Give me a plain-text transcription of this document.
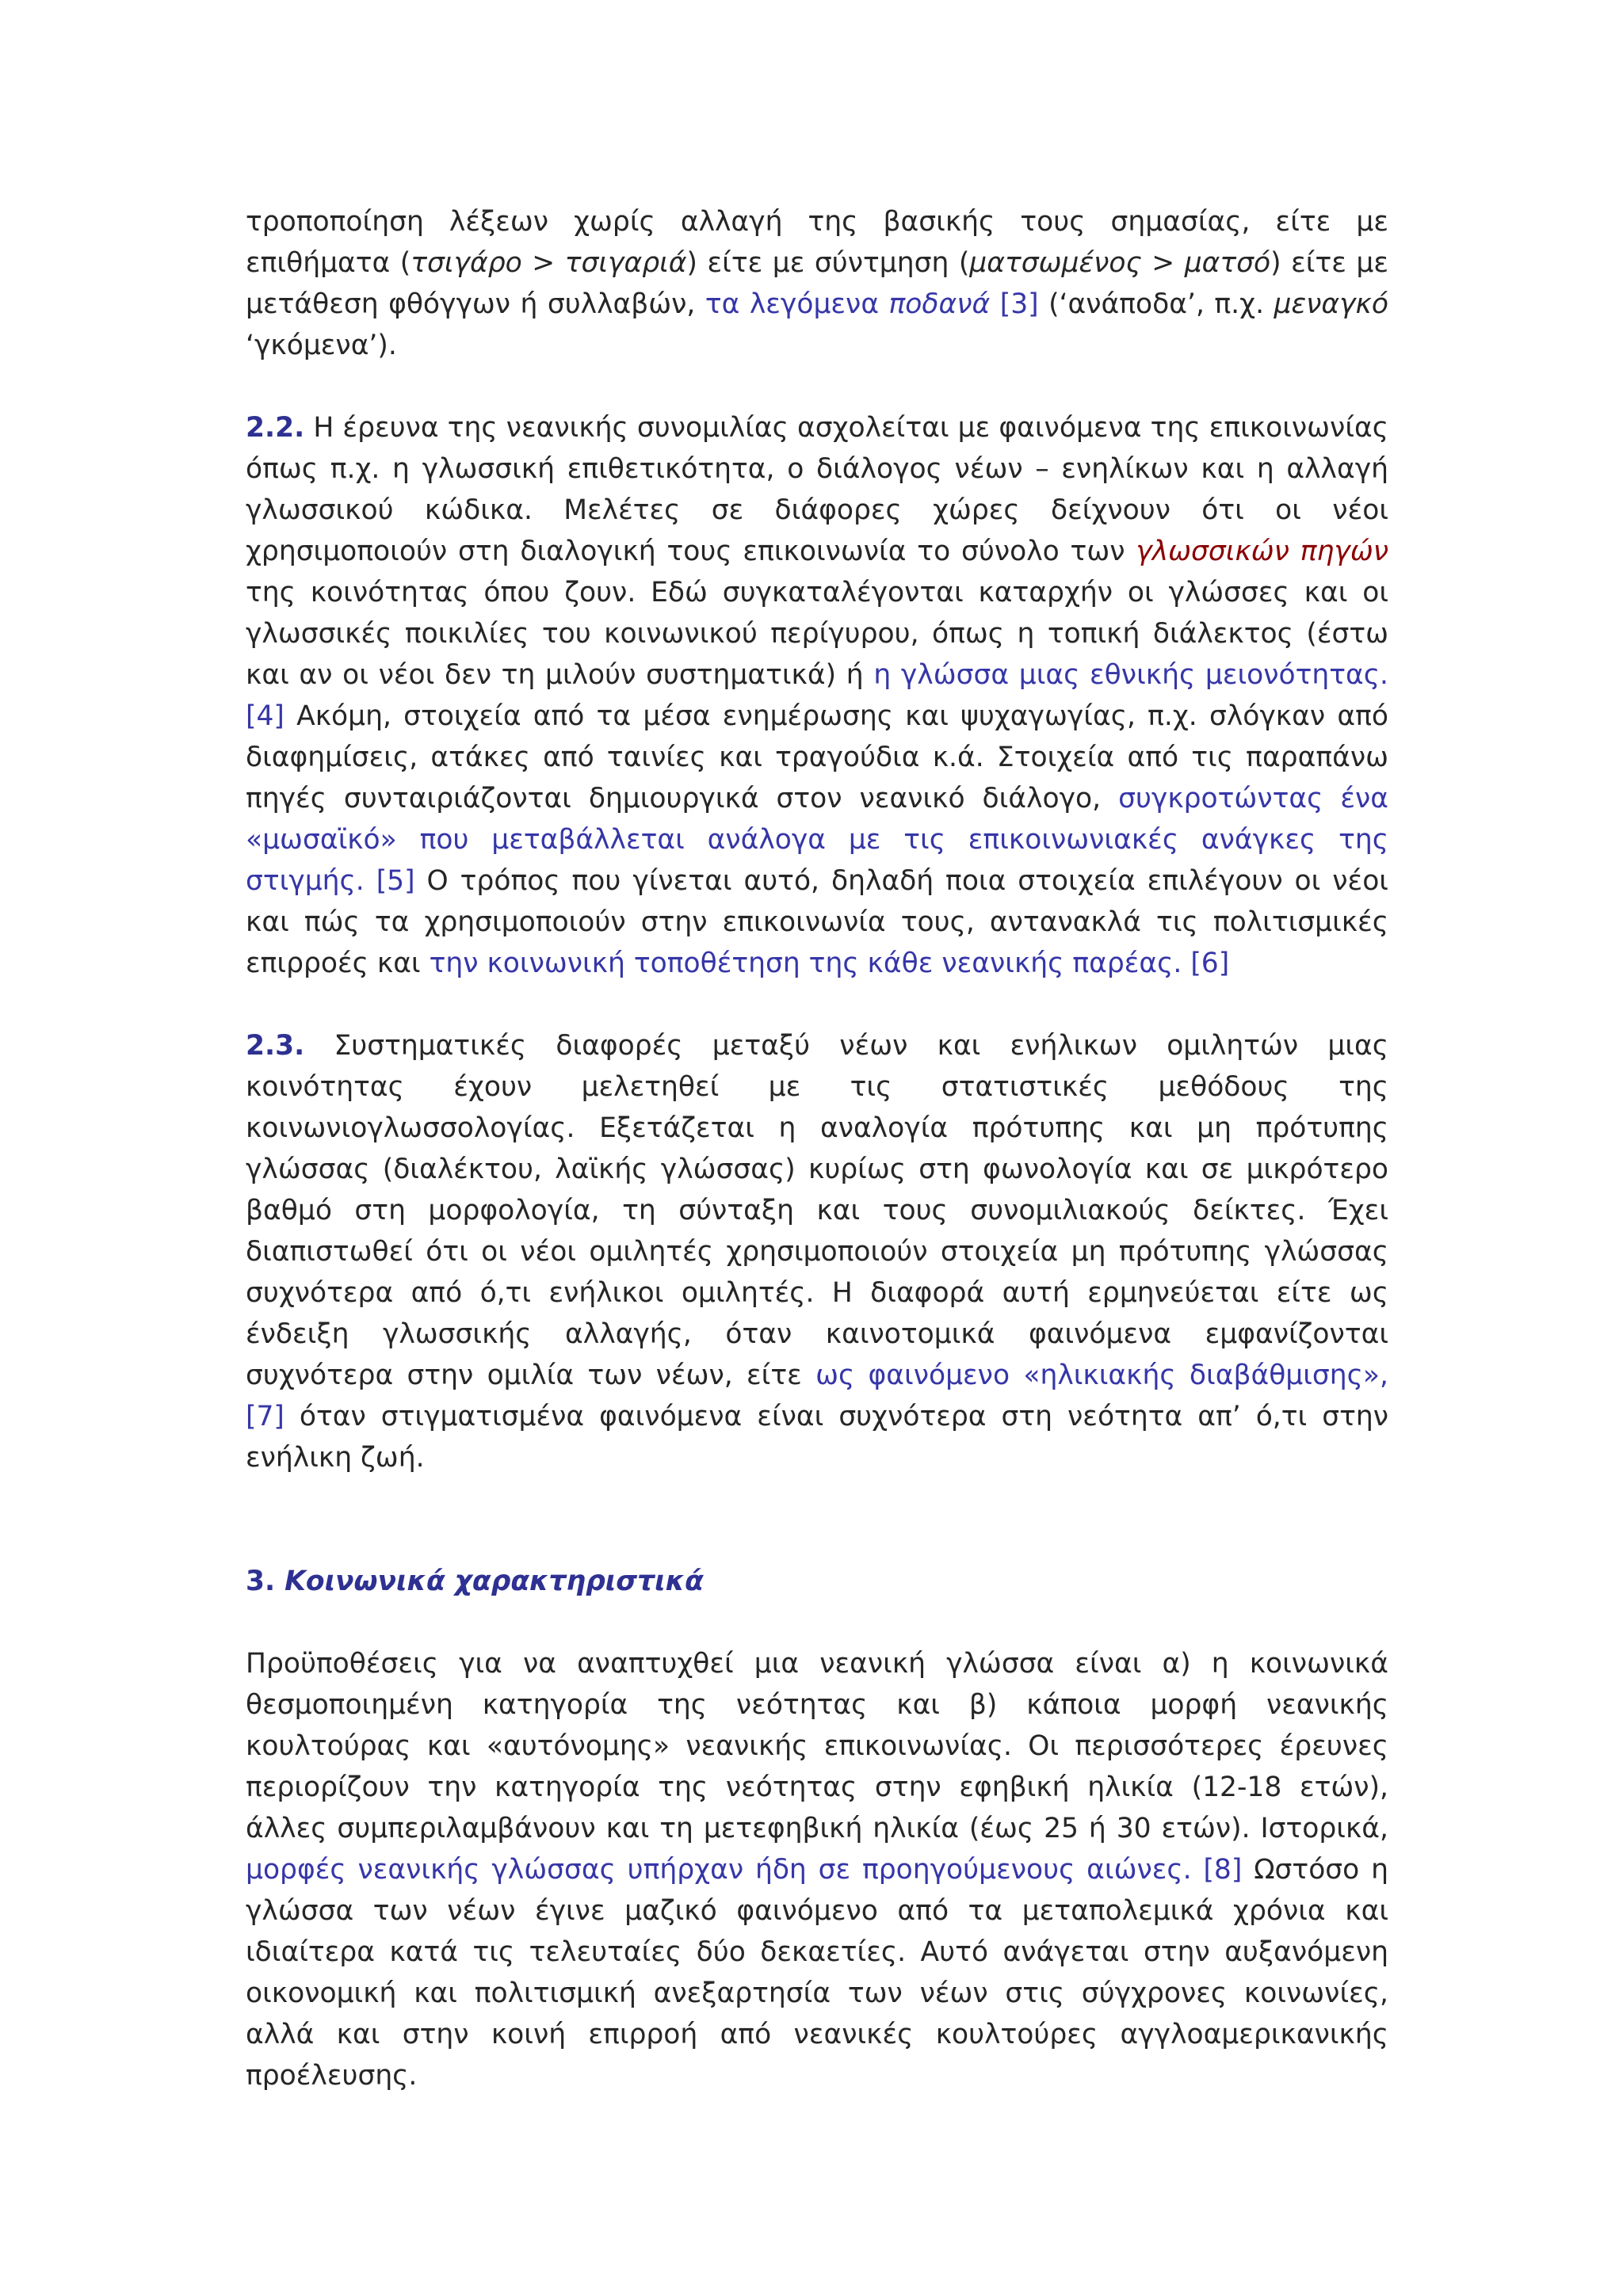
τροποποίηση λέξεων χωρίς αλλαγή της βασικής τους σημασίας, είτε με επιθήματα (τσιγάρο > τσιγαριά) είτε με σύντμηση (ματσωμένος > ματσό) είτε με μετάθεση φθόγγων ή συλλαβών, τα λεγόμενα ποδανά [3] (‘ανάποδα’, π.χ. μεναγκό ‘γκόμενα’).

2.2. Η έρευνα της νεανικής συνομιλίας ασχολείται με φαινόμενα της επικοινωνίας όπως π.χ. η γλωσσική επιθετικότητα, ο διάλογος νέων – ενηλίκων και η αλλαγή γλωσσικού κώδικα. Μελέτες σε διάφορες χώρες δείχνουν ότι οι νέοι χρησιμοποιούν στη διαλογική τους επικοινωνία το σύνολο των γλωσσικών πηγών της κοινότητας όπου ζουν. Εδώ συγκαταλέγονται καταρχήν οι γλώσσες και οι γλωσσικές ποικιλίες του κοινωνικού περίγυρου, όπως η τοπική διάλεκτος (έστω και αν οι νέοι δεν τη μιλούν συστηματικά) ή η γλώσσα μιας εθνικής μειονότητας. [4] Ακόμη, στοιχεία από τα μέσα ενημέρωσης και ψυχαγωγίας, π.χ. σλόγκαν από διαφημίσεις, ατάκες από ταινίες και τραγούδια κ.ά. Στοιχεία από τις παραπάνω πηγές συνταιριάζονται δημιουργικά στον νεανικό διάλογο, συγκροτώντας ένα «μωσαϊκό» που μεταβάλλεται ανάλογα με τις επικοινωνιακές ανάγκες της στιγμής. [5] Ο τρόπος που γίνεται αυτό, δηλαδή ποια στοιχεία επιλέγουν οι νέοι και πώς τα χρησιμοποιούν στην επικοινωνία τους, αντανακλά τις πολιτισμικές επιρροές και την κοινωνική τοποθέτηση της κάθε νεανικής παρέας. [6]

2.3. Συστηματικές διαφορές μεταξύ νέων και ενήλικων ομιλητών μιας κοινότητας έχουν μελετηθεί με τις στατιστικές μεθόδους της κοινωνιογλωσσολογίας. Εξετάζεται η αναλογία πρότυπης και μη πρότυπης γλώσσας (διαλέκτου, λαϊκής γλώσσας) κυρίως στη φωνολογία και σε μικρότερο βαθμό στη μορφολογία, τη σύνταξη και τους συνομιλιακούς δείκτες. Έχει διαπιστωθεί ότι οι νέοι ομιλητές χρησιμοποιούν στοιχεία μη πρότυπης γλώσσας συχνότερα από ό,τι ενήλικοι ομιλητές. Η διαφορά αυτή ερμηνεύεται είτε ως ένδειξη γλωσσικής αλλαγής, όταν καινοτομικά φαινόμενα εμφανίζονται συχνότερα στην ομιλία των νέων, είτε ως φαινόμενο «ηλικιακής διαβάθμισης», [7] όταν στιγματισμένα φαινόμενα είναι συχνότερα στη νεότητα απ’ ό,τι στην ενήλικη ζωή.

3. Κοινωνικά χαρακτηριστικά

Προϋποθέσεις για να αναπτυχθεί μια νεανική γλώσσα είναι α) η κοινωνικά θεσμοποιημένη κατηγορία της νεότητας και β) κάποια μορφή νεανικής κουλτούρας και «αυτόνομης» νεανικής επικοινωνίας. Οι περισσότερες έρευνες περιορίζουν την κατηγορία της νεότητας στην εφηβική ηλικία (12-18 ετών), άλλες συμπεριλαμβάνουν και τη μετεφηβική ηλικία (έως 25 ή 30 ετών). Ιστορικά, μορφές νεανικής γλώσσας υπήρχαν ήδη σε προηγούμενους αιώνες. [8] Ωστόσο η γλώσσα των νέων έγινε μαζικό φαινόμενο από τα μεταπολεμικά χρόνια και ιδιαίτερα κατά τις τελευταίες δύο δεκαετίες. Αυτό ανάγεται στην αυξανόμενη οικονομική και πολιτισμική ανεξαρτησία των νέων στις σύγχρονες κοινωνίες, αλλά και στην κοινή επιρροή από νεανικές κουλτούρες αγγλοαμερικανικής προέλευσης.
